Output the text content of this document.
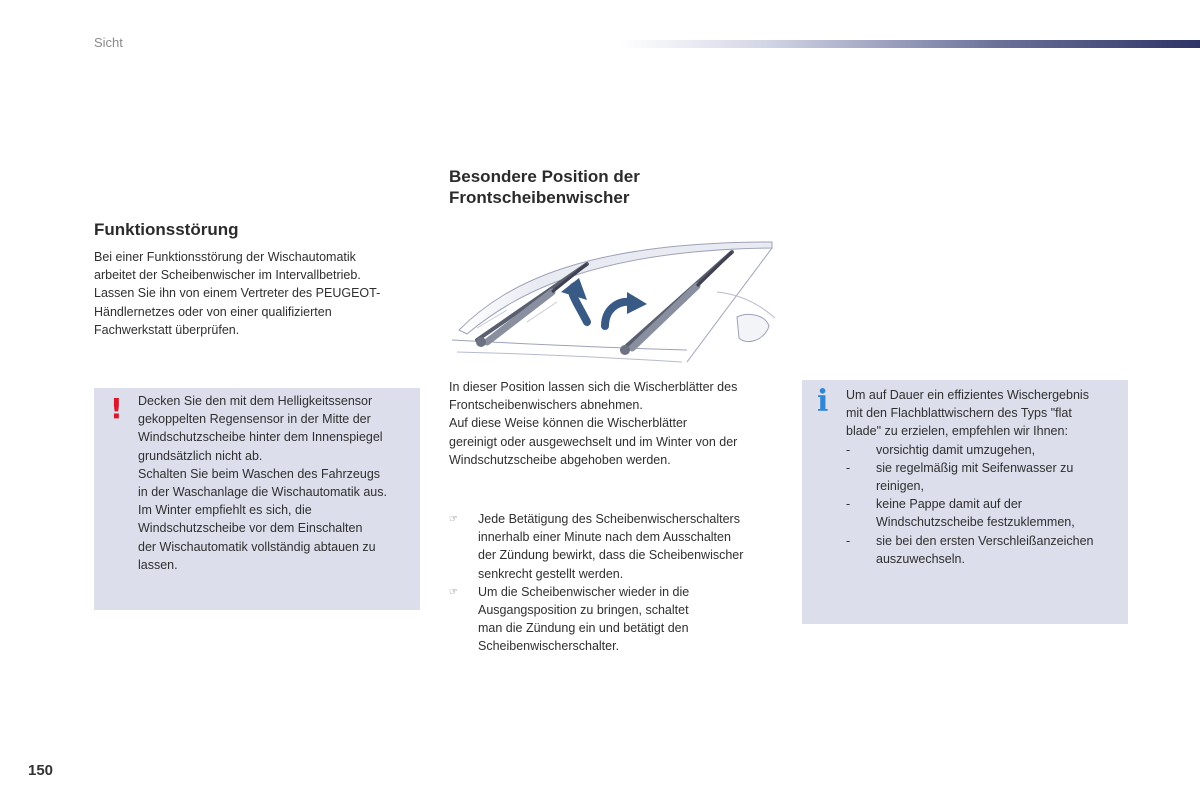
Sicht
Funktionsstörung
Bei einer Funktionsstörung der Wischautomatik
arbeitet der Scheibenwischer im Intervallbetrieb.
Lassen Sie ihn von einem Vertreter des PEUGEOT-
Händlernetzes oder von einer qualifizierten
Fachwerkstatt überprüfen.
! Decken Sie den mit dem Helligkeitssensor
gekoppelten Regensensor in der Mitte der
Windschutzscheibe hinter dem Innenspiegel
grundsätzlich nicht ab.
Schalten Sie beim Waschen des Fahrzeugs
in der Waschanlage die Wischautomatik aus.
Im Winter empfiehlt es sich, die
Windschutzscheibe vor dem Einschalten
der Wischautomatik vollständig abtauen zu
lassen.
Besondere Position der
Frontscheibenwischer
In dieser Position lassen sich die Wischerblätter des
Frontscheibenwischers abnehmen.
Auf diese Weise können die Wischerblätter
gereinigt oder ausgewechselt und im Winter von der
Windschutzscheibe abgehoben werden.
☞	Jede Betätigung des Scheibenwischerschalters
innerhalb einer Minute nach dem Ausschalten
der Zündung bewirkt, dass die Scheibenwischer
senkrecht gestellt werden.
☞	Um die Scheibenwischer wieder in die
Ausgangsposition zu bringen, schaltet
man die Zündung ein und betätigt den
Scheibenwischerschalter.
i Um auf Dauer ein effizientes Wischergebnis
mit den Flachblattwischern des Typs "flat
blade" zu erzielen, empfehlen wir Ihnen:
-	vorsichtig damit umzugehen,
-	sie regelmäßig mit Seifenwasser zu
reinigen,
-	keine Pappe damit auf der
Windschutzscheibe festzuklemmen,
-	sie bei den ersten Verschleißanzeichen
auszuwechseln.
150
